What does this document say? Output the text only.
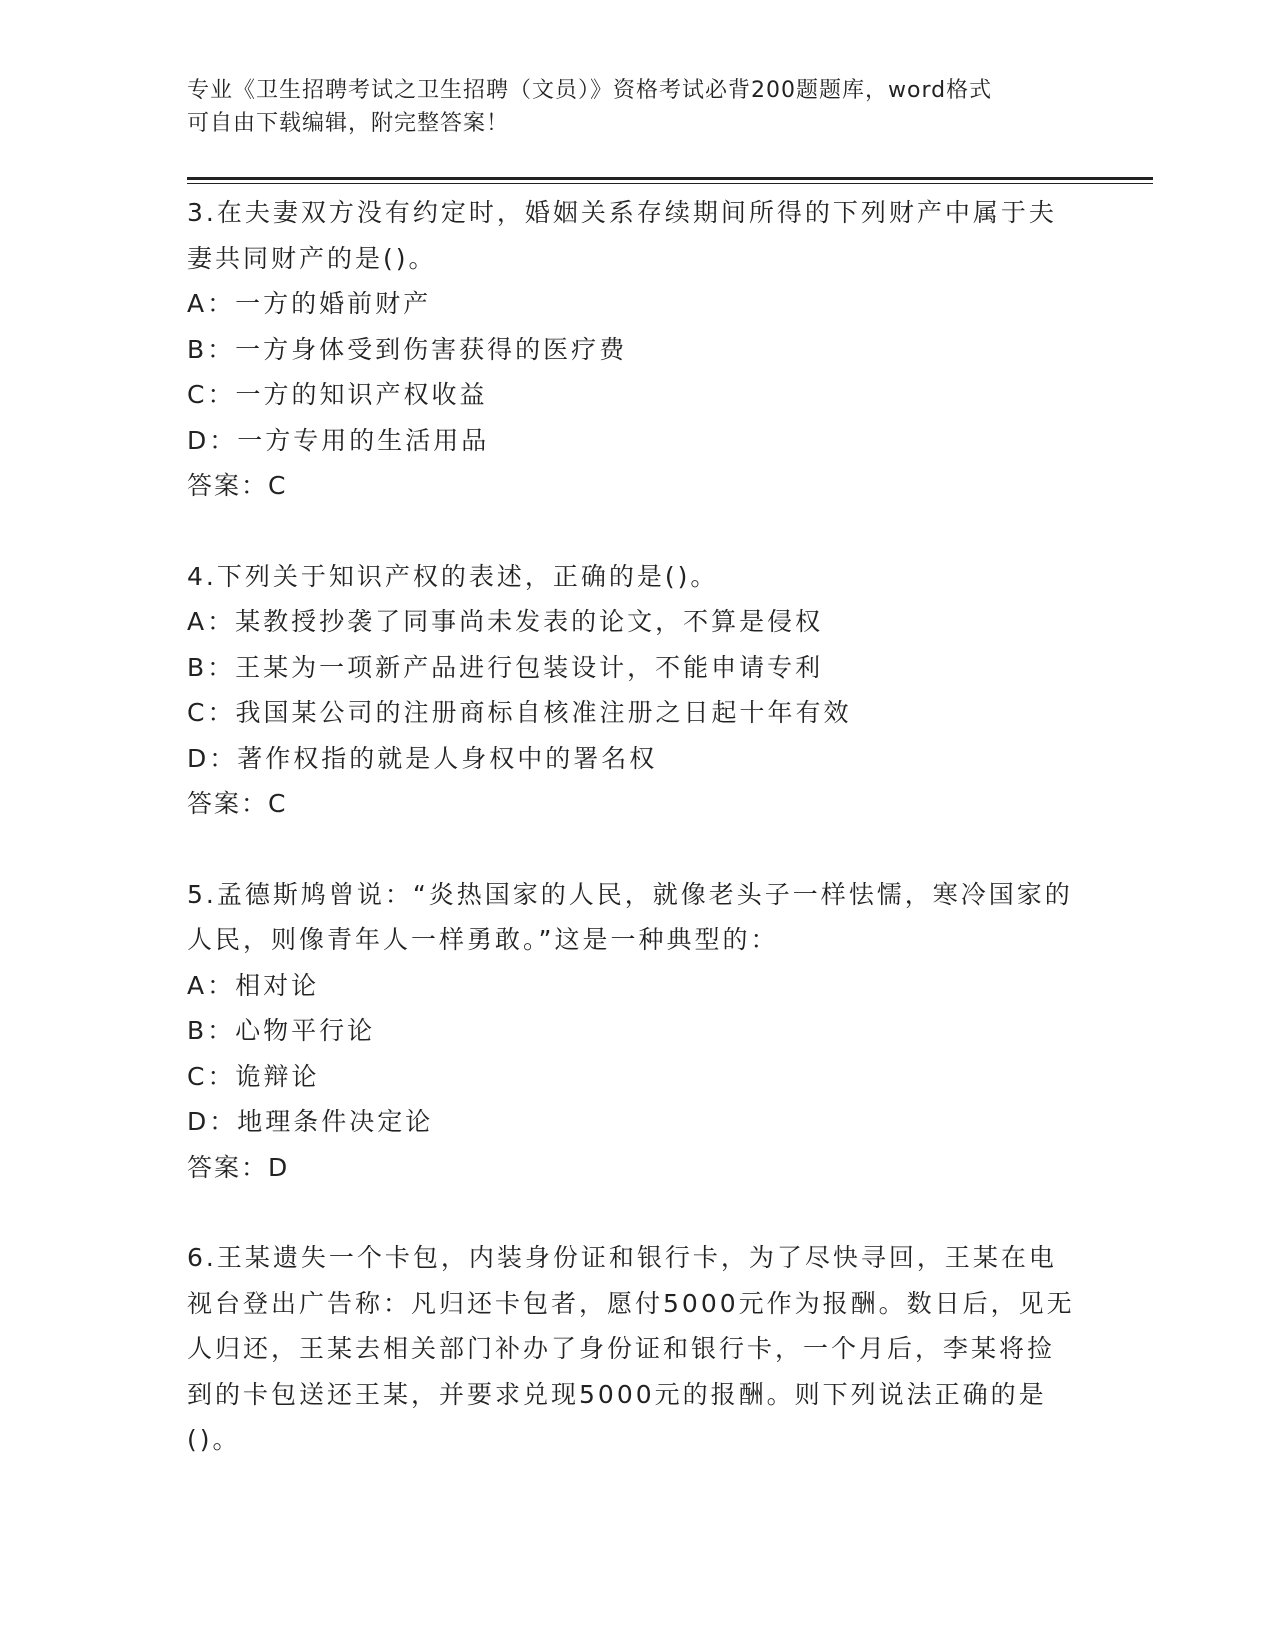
专业《卫生招聘考试之卫生招聘（文员）》资格考试必背200题题库，word格式
可自由下载编辑，附完整答案！
3.在夫妻双方没有约定时，婚姻关系存续期间所得的下列财产中属于夫妻共同财产的是()。
A：一方的婚前财产
B：一方身体受到伤害获得的医疗费
C：一方的知识产权收益
D：一方专用的生活用品
答案：C
4.下列关于知识产权的表述，正确的是()。
A：某教授抄袭了同事尚未发表的论文，不算是侵权
B：王某为一项新产品进行包装设计，不能申请专利
C：我国某公司的注册商标自核准注册之日起十年有效
D：著作权指的就是人身权中的署名权
答案：C
5.孟德斯鸠曾说：“炎热国家的人民，就像老头子一样怯懦，寒冷国家的人民，则像青年人一样勇敢。”这是一种典型的：
A：相对论
B：心物平行论
C：诡辩论
D：地理条件决定论
答案：D
6.王某遗失一个卡包，内装身份证和银行卡，为了尽快寻回，王某在电视台登出广告称：凡归还卡包者，愿付5000元作为报酬。数日后，见无人归还，王某去相关部门补办了身份证和银行卡，一个月后，李某将捡到的卡包送还王某，并要求兑现5000元的报酬。则下列说法正确的是()。
